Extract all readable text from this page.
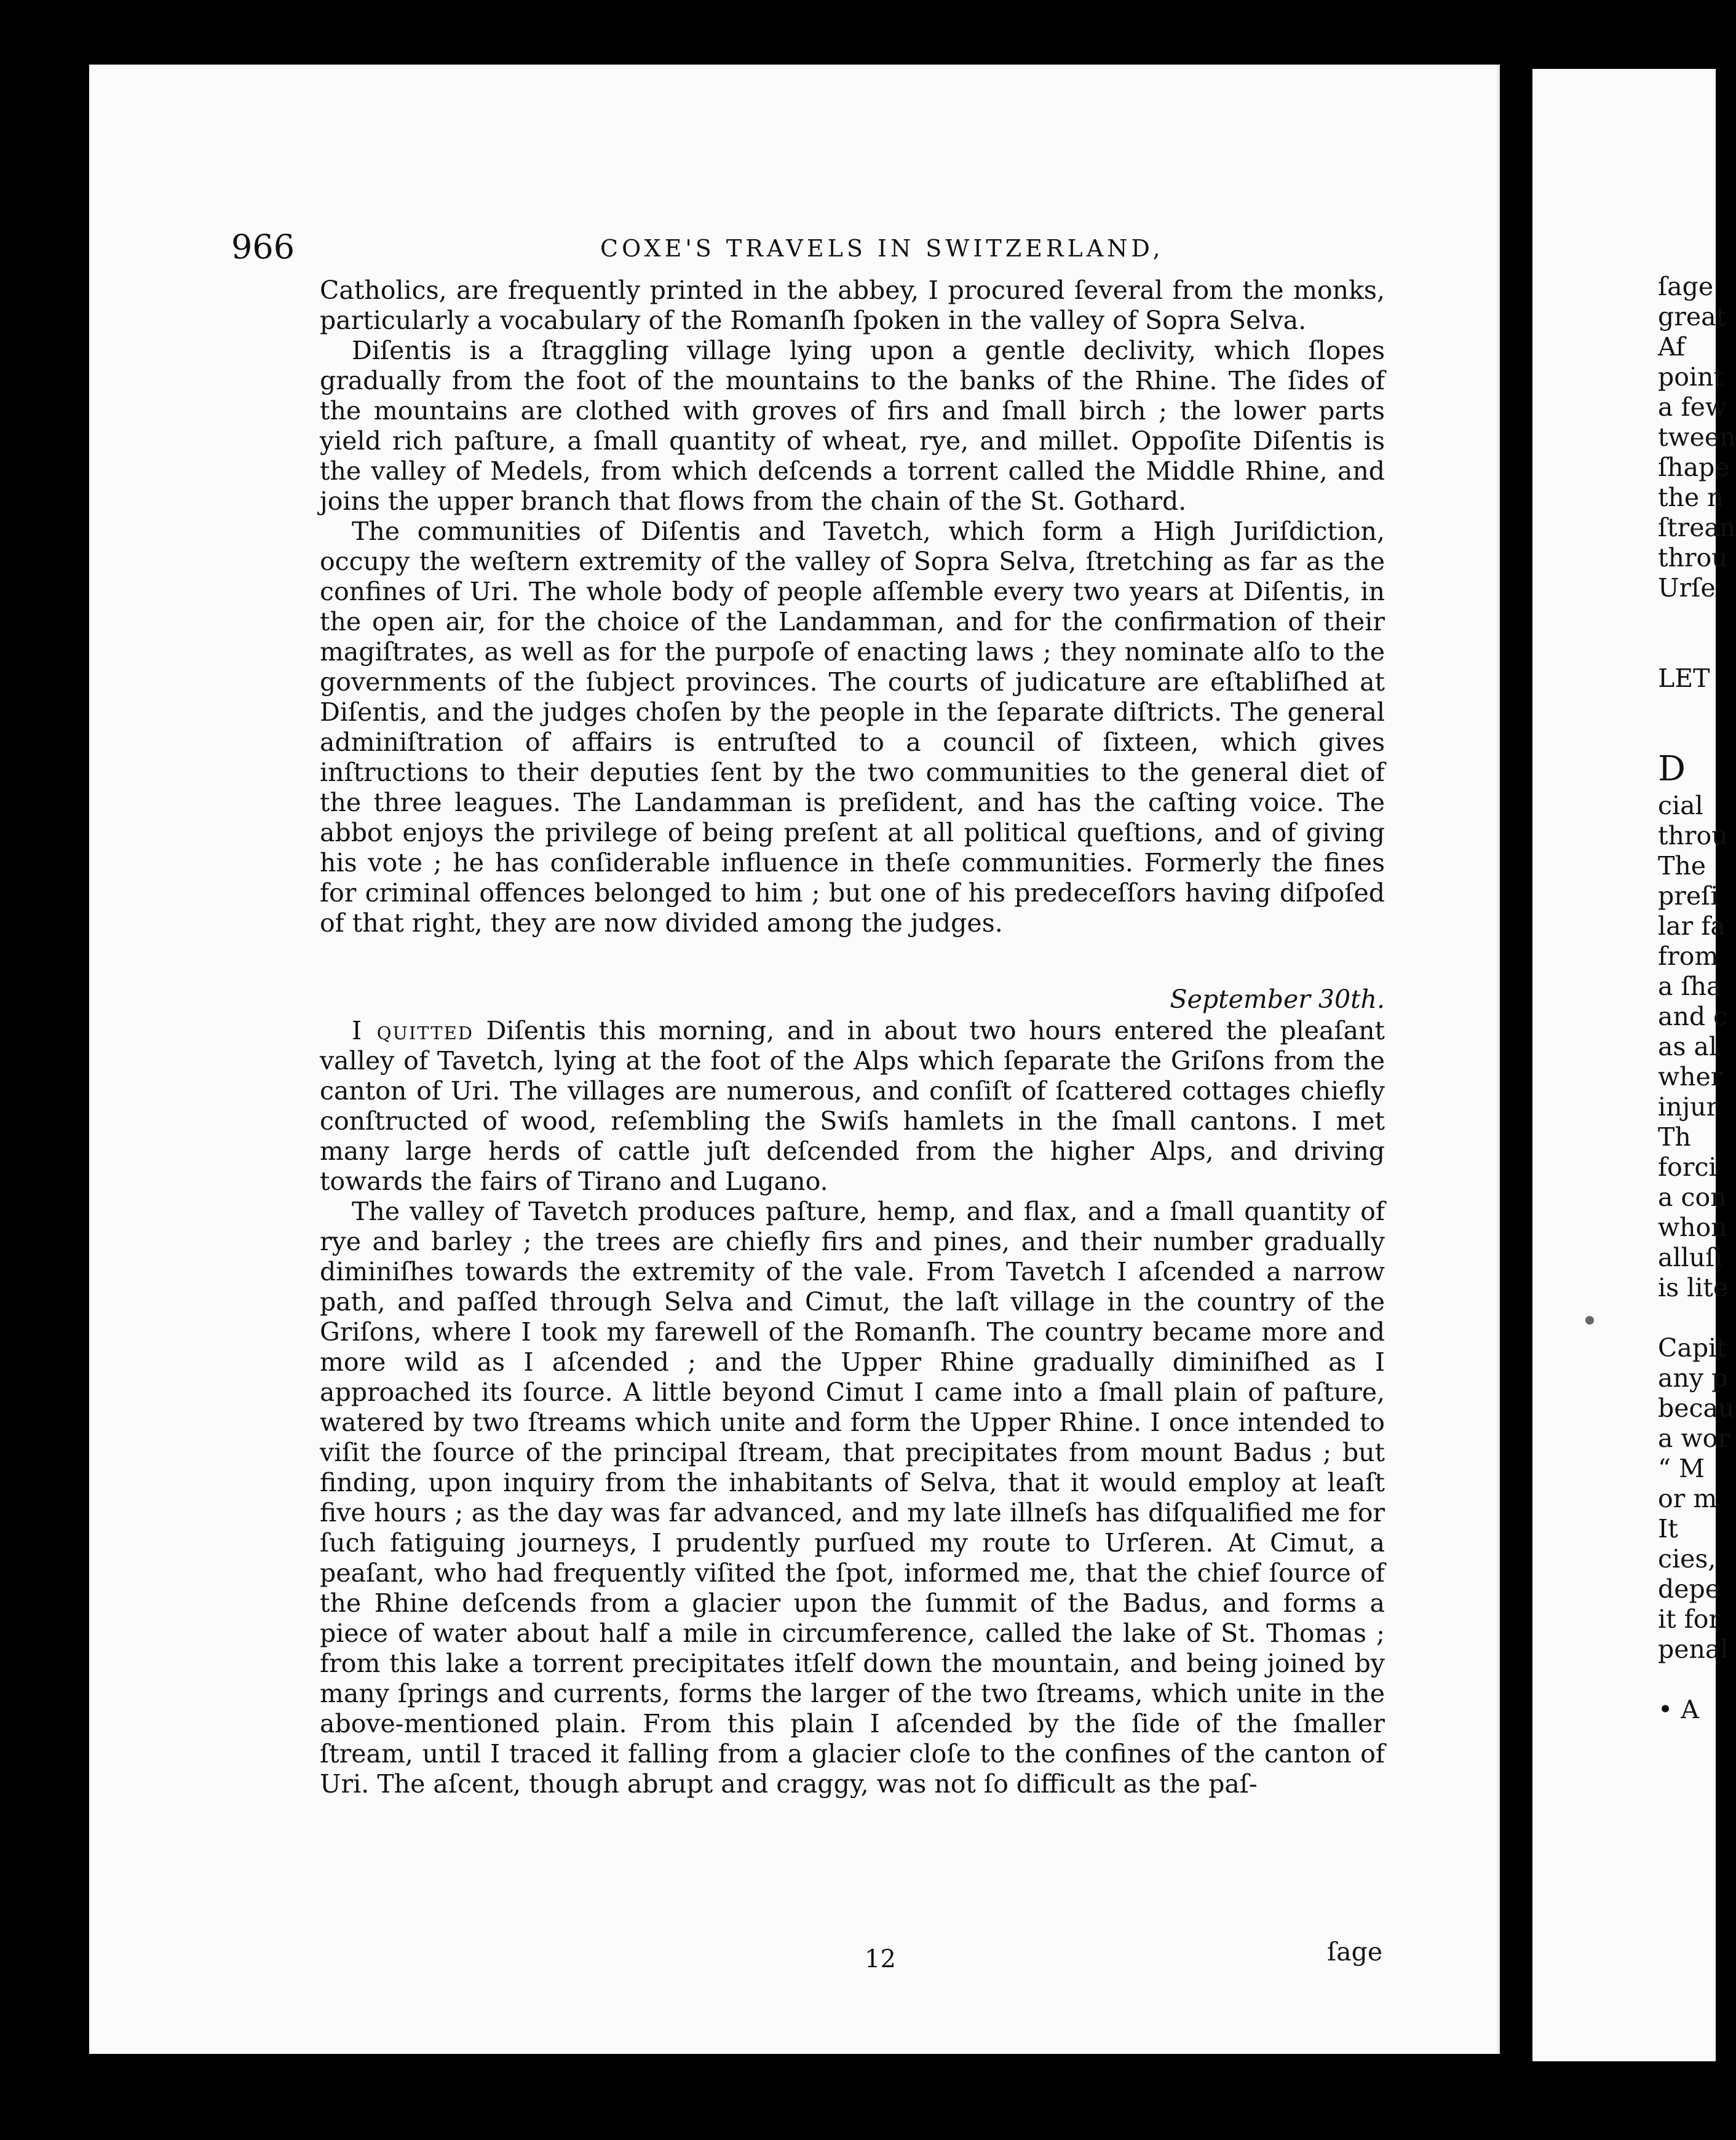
ſage
great
Af
point
a few
tween
ſhape
the n
ſtrean
throu
Urſe
LET
D
cial
throu
The
preſi
lar fa
from
a ſha
and c
as al
wher
injur
Th
forci
a con
whon
alluſi
is lite
Capit
any p
becau
a wor
“ M
or m
It
cies,
depe
it for
penal
• A
966	COXE'S TRAVELS IN SWITZERLAND,

Catholics, are frequently printed in the abbey, I procured ſeveral from the monks, particularly a vocabulary of the Romanſh ſpoken in the valley of Sopra Selva.

Diſentis is a ſtraggling village lying upon a gentle declivity, which ſlopes gradually from the foot of the mountains to the banks of the Rhine. The ſides of the mountains are clothed with groves of firs and ſmall birch ; the lower parts yield rich paſture, a ſmall quantity of wheat, rye, and millet. Oppoſite Diſentis is the valley of Medels, from which deſcends a torrent called the Middle Rhine, and joins the upper branch that flows from the chain of the St. Gothard.

The communities of Diſentis and Tavetch, which form a High Juriſdiction, occupy the weſtern extremity of the valley of Sopra Selva, ſtretching as far as the confines of Uri. The whole body of people aſſemble every two years at Diſentis, in the open air, for the choice of the Landamman, and for the confirmation of their magiſtrates, as well as for the purpoſe of enacting laws ; they nominate alſo to the governments of the ſubject provinces. The courts of judicature are eſtabliſhed at Diſentis, and the judges choſen by the people in the ſeparate diſtricts. The general adminiſtration of affairs is entruſted to a council of ſixteen, which gives inſtructions to their deputies ſent by the two communities to the general diet of the three leagues. The Landamman is preſident, and has the caſting voice. The abbot enjoys the privilege of being preſent at all political queſtions, and of giving his vote ; he has conſiderable influence in theſe communities. Formerly the fines for criminal offences belonged to him ; but one of his predeceſſors having diſpoſed of that right, they are now divided among the judges.

September 30th.

I quitted Diſentis this morning, and in about two hours entered the pleaſant valley of Tavetch, lying at the foot of the Alps which ſeparate the Griſons from the canton of Uri. The villages are numerous, and conſiſt of ſcattered cottages chiefly conſtructed of wood, reſembling the Swiſs hamlets in the ſmall cantons. I met many large herds of cattle juſt deſcended from the higher Alps, and driving towards the fairs of Tirano and Lugano.

The valley of Tavetch produces paſture, hemp, and flax, and a ſmall quantity of rye and barley ; the trees are chiefly firs and pines, and their number gradually diminiſhes towards the extremity of the vale. From Tavetch I aſcended a narrow path, and paſſed through Selva and Cimut, the laſt village in the country of the Griſons, where I took my farewell of the Romanſh. The country became more and more wild as I aſcended ; and the Upper Rhine gradually diminiſhed as I approached its ſource. A little beyond Cimut I came into a ſmall plain of paſture, watered by two ſtreams which unite and form the Upper Rhine. I once intended to viſit the ſource of the principal ſtream, that precipitates from mount Badus ; but finding, upon inquiry from the inhabitants of Selva, that it would employ at leaſt five hours ; as the day was far advanced, and my late illneſs has diſqualified me for ſuch fatiguing journeys, I prudently purſued my route to Urſeren. At Cimut, a peaſant, who had frequently viſited the ſpot, informed me, that the chief ſource of the Rhine deſcends from a glacier upon the ſummit of the Badus, and forms a piece of water about half a mile in circumference, called the lake of St. Thomas ; from this lake a torrent precipitates itſelf down the mountain, and being joined by many ſprings and currents, forms the larger of the two ſtreams, which unite in the above-mentioned plain. From this plain I aſcended by the ſide of the ſmaller ſtream, until I traced it falling from a glacier cloſe to the confines of the canton of Uri. The aſcent, though abrupt and craggy, was not ſo difficult as the paſ-

12	ſage
